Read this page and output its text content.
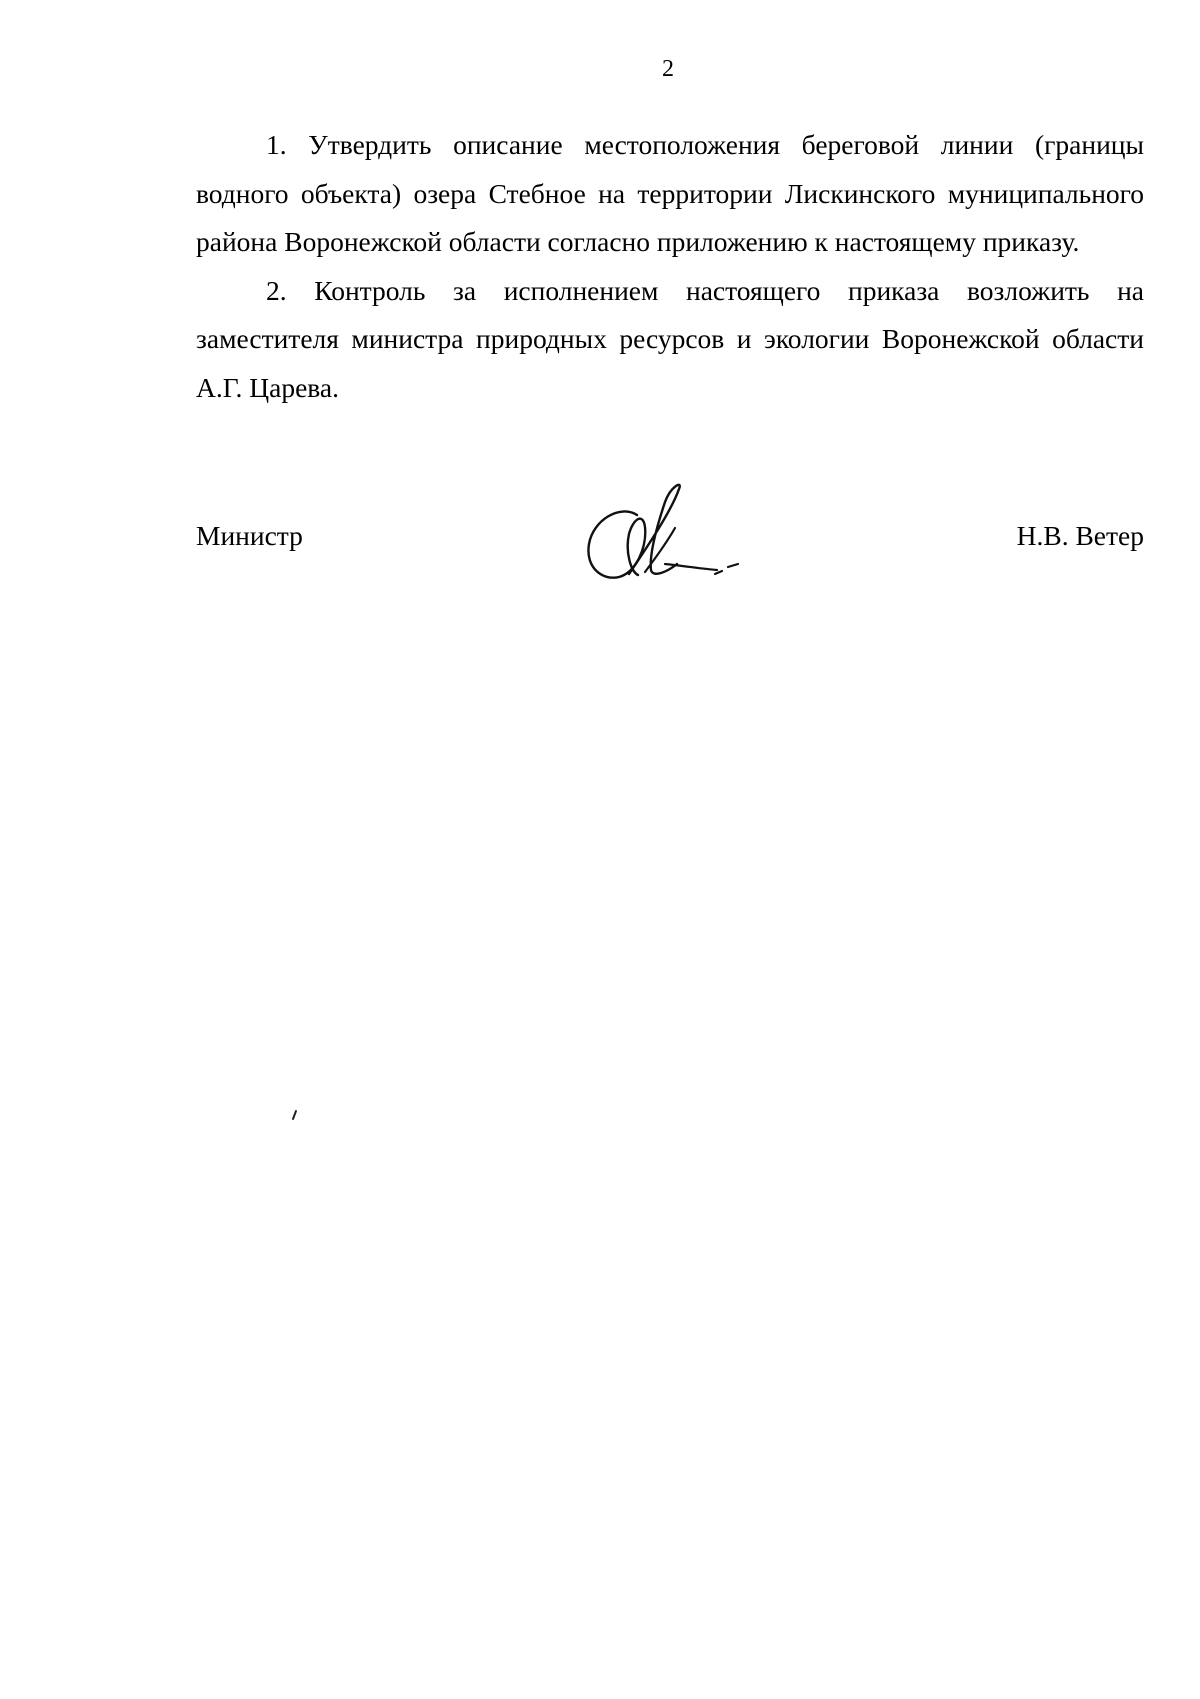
2

1. Утвердить описание местоположения береговой линии (границы водного объекта) озера Стебное на территории Лискинского муниципального района Воронежской области согласно приложению к настоящему приказу.

2. Контроль за исполнением настоящего приказа возложить на заместителя министра природных ресурсов и экологии Воронежской области А.Г. Царева.

Министр	Н.В. Ветер
